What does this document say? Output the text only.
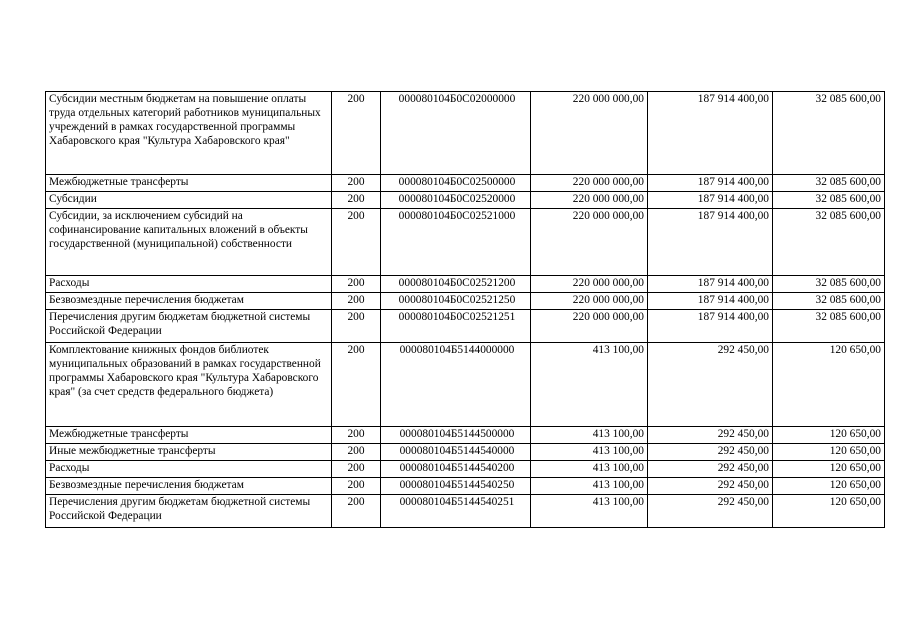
Субсидии местным бюджетам на повышение оплаты труда отдельных категорий работников муниципальных учреждений в рамках государственной программы Хабаровского края "Культура Хабаровского края"	200	000080104Б0С02000000	220 000 000,00	187 914 400,00	32 085 600,00
Межбюджетные трансферты	200	000080104Б0С02500000	220 000 000,00	187 914 400,00	32 085 600,00
Субсидии	200	000080104Б0С02520000	220 000 000,00	187 914 400,00	32 085 600,00
Субсидии, за исключением субсидий на софинансирование капитальных вложений в объекты государственной (муниципальной) собственности	200	000080104Б0С02521000	220 000 000,00	187 914 400,00	32 085 600,00
Расходы	200	000080104Б0С02521200	220 000 000,00	187 914 400,00	32 085 600,00
Безвозмездные перечисления бюджетам	200	000080104Б0С02521250	220 000 000,00	187 914 400,00	32 085 600,00
Перечисления другим бюджетам бюджетной системы Российской Федерации	200	000080104Б0С02521251	220 000 000,00	187 914 400,00	32 085 600,00
Комплектование книжных фондов библиотек муниципальных образований в рамках государственной программы Хабаровского края "Культура Хабаровского края" (за счет средств федерального бюджета)	200	000080104Б5144000000	413 100,00	292 450,00	120 650,00
Межбюджетные трансферты	200	000080104Б5144500000	413 100,00	292 450,00	120 650,00
Иные межбюджетные трансферты	200	000080104Б5144540000	413 100,00	292 450,00	120 650,00
Расходы	200	000080104Б5144540200	413 100,00	292 450,00	120 650,00
Безвозмездные перечисления бюджетам	200	000080104Б5144540250	413 100,00	292 450,00	120 650,00
Перечисления другим бюджетам бюджетной системы Российской Федерации	200	000080104Б5144540251	413 100,00	292 450,00	120 650,00
